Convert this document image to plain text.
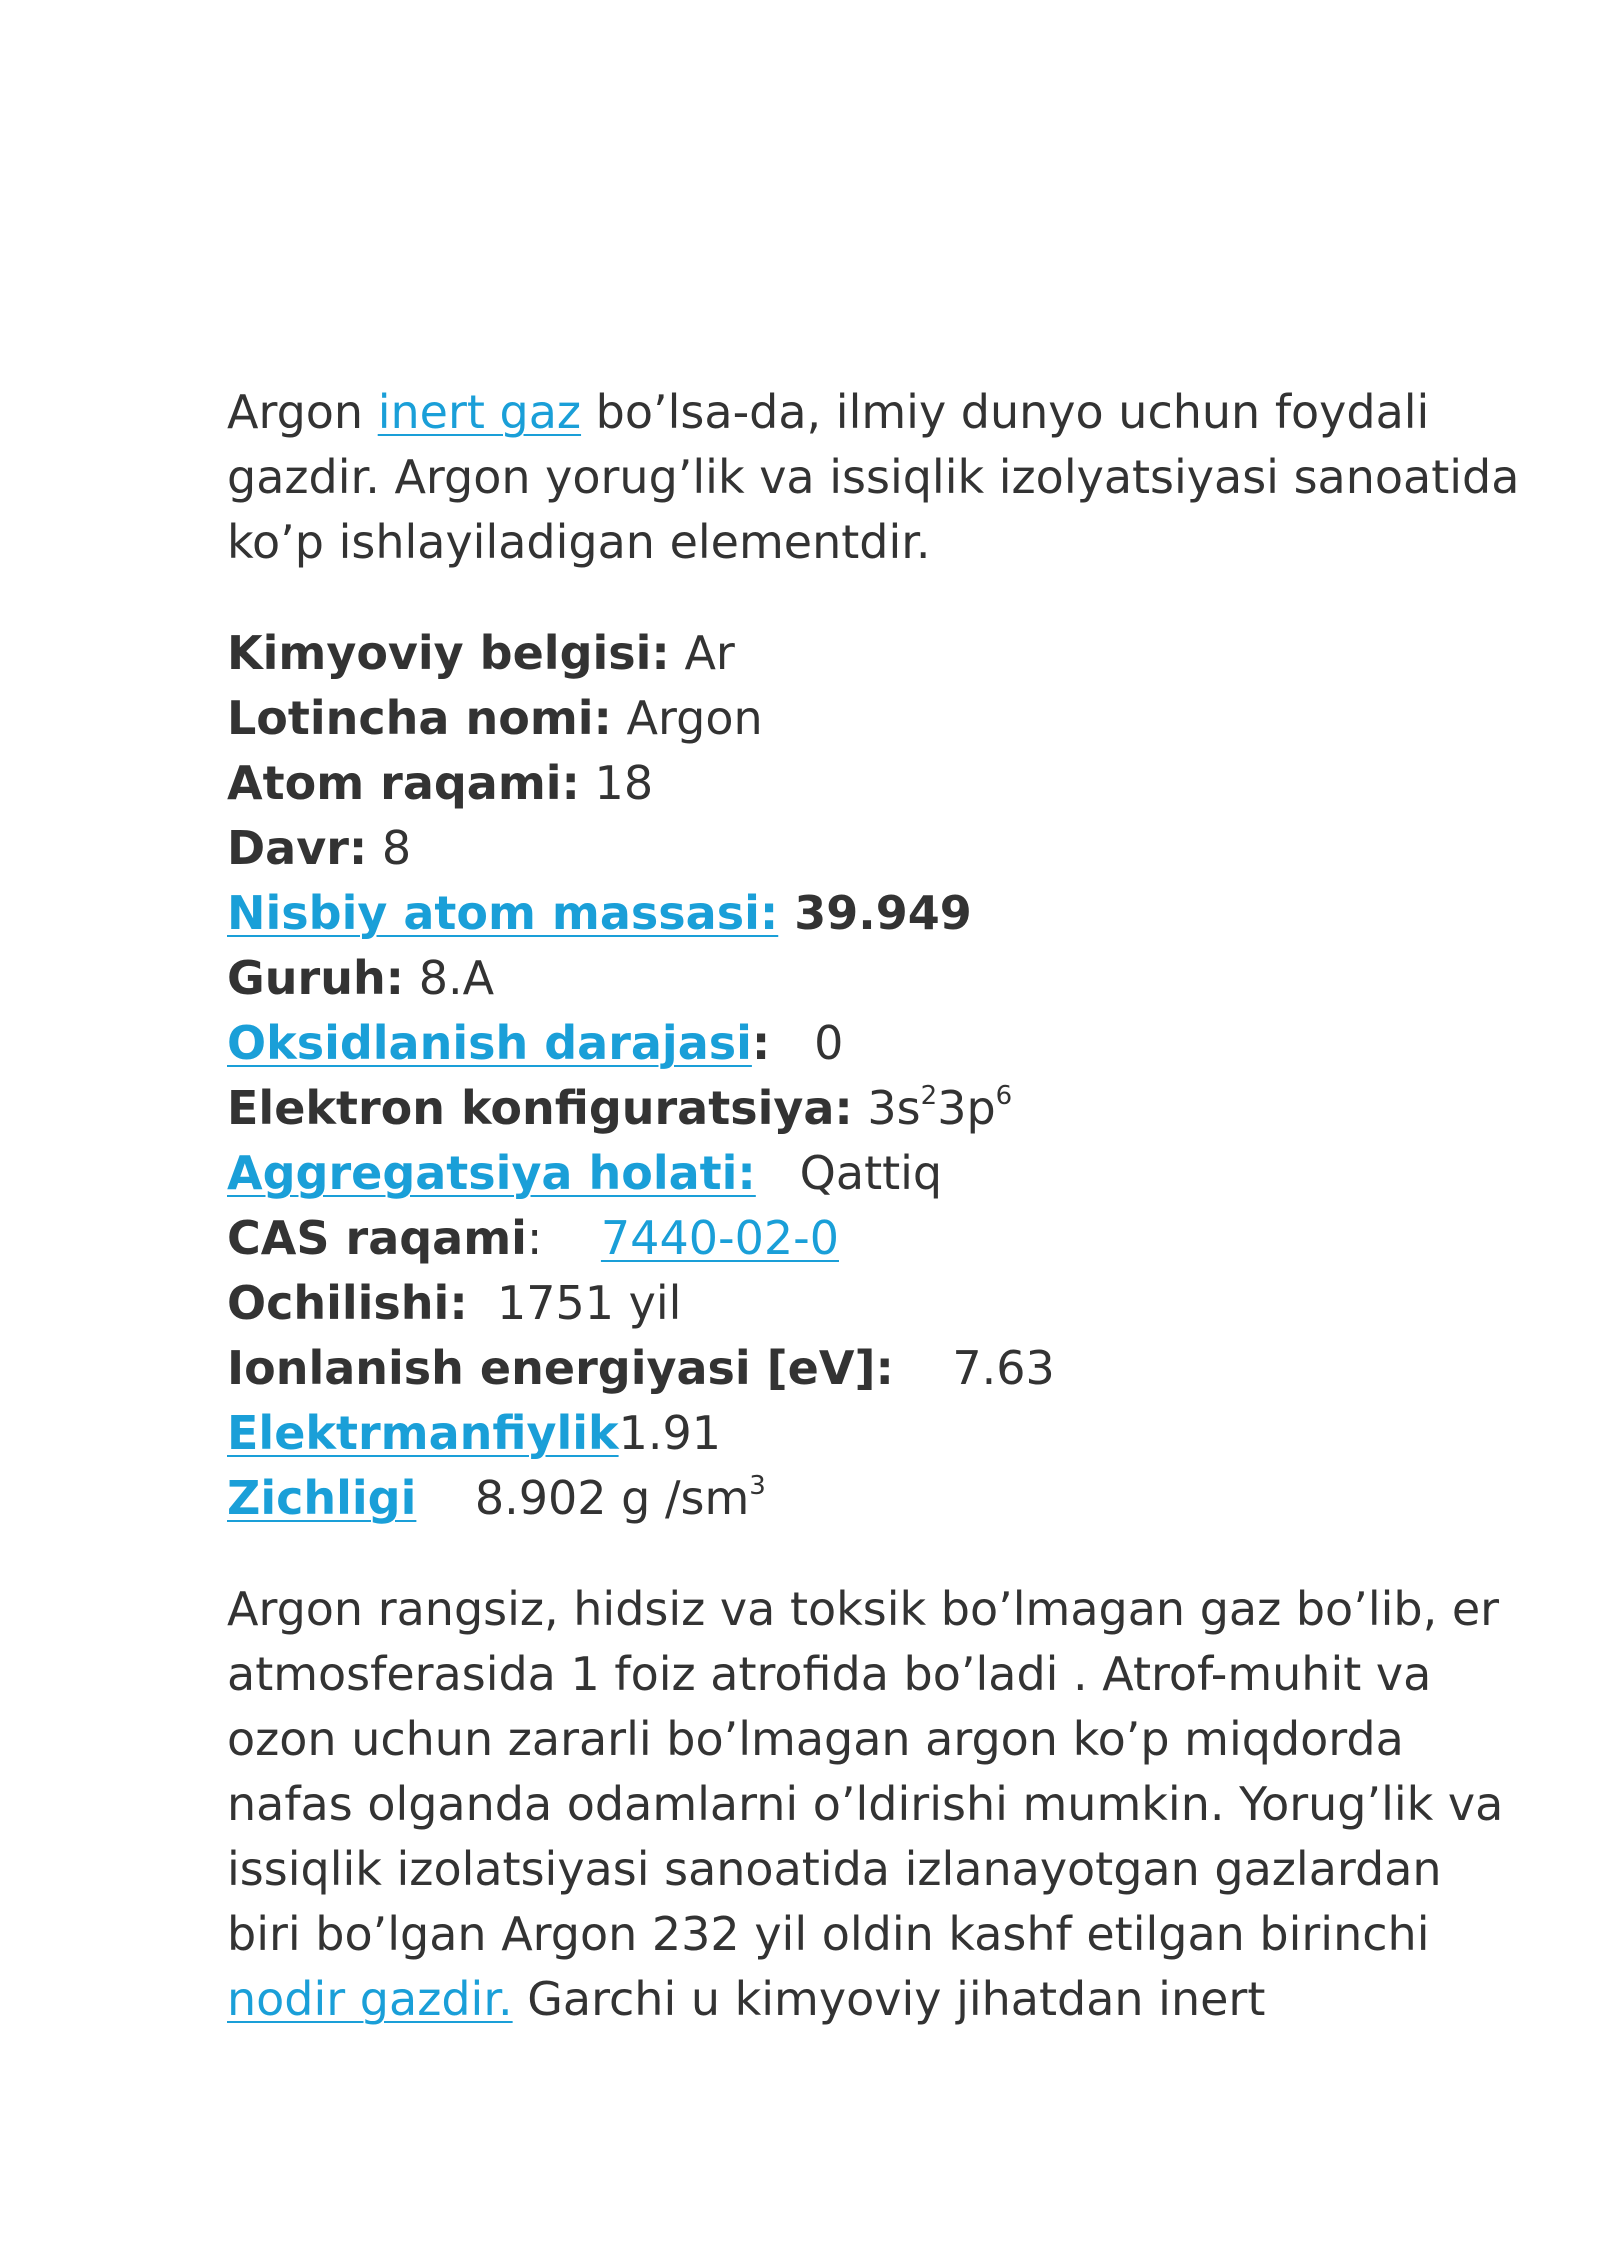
Argon inert gaz bo’lsa-da, ilmiy dunyo uchun foydali gazdir. Argon yorug’lik va issiqlik izolyatsiyasi sanoatida ko’p ishlayiladigan elementdir.

Kimyoviy belgisi: Ar
Lotincha nomi: Argon
Atom raqami: 18
Davr: 8
Nisbiy atom massasi: 39.949
Guruh: 8.A
Oksidlanish darajasi:   0
Elektron konfiguratsiya: $3s^23p^6$
Aggregatsiya holati:   Qattiq
CAS raqami: 7440-02-0
Ochilishi:  1751 yil
Ionlanish energiyasi [eV]:    7.63
Elektrmanfiylik1.91
Zichligi    8.902 g $/sm^3$

Argon rangsiz, hidsiz va toksik bo’lmagan gaz bo’lib, er atmosferasida 1 foiz atrofida bo’ladi . Atrof-muhit va ozon uchun zararli bo’lmagan argon ko’p miqdorda nafas olganda odamlarni o’ldirishi mumkin. Yorug’lik va issiqlik izolatsiyasi sanoatida izlanayotgan gazlardan biri bo’lgan Argon 232 yil oldin kashf etilgan birinchi nodir gazdir. Garchi u kimyoviy jihatdan inert
